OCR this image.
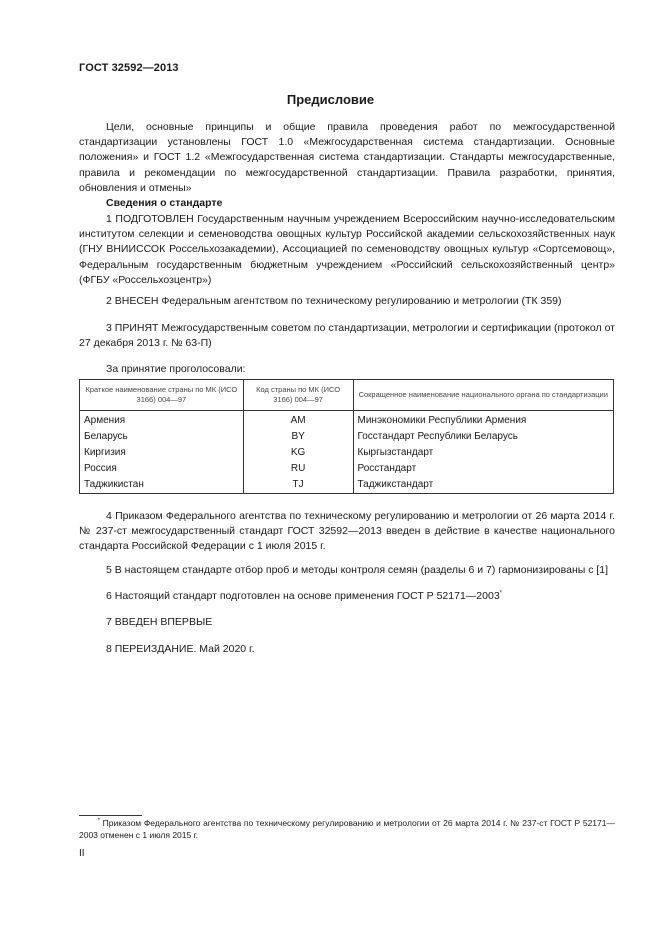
ГОСТ 32592—2013
Предисловие
Цели, основные принципы и общие правила проведения работ по межгосударственной стандартизации установлены ГОСТ 1.0 «Межгосударственная система стандартизации. Основные положения» и ГОСТ 1.2 «Межгосударственная система стандартизации. Стандарты межгосударственные, правила и рекомендации по межгосударственной стандартизации. Правила разработки, принятия, обновления и отмены»
Сведения о стандарте
1 ПОДГОТОВЛЕН Государственным научным учреждением Всероссийским научно-исследовательским институтом селекции и семеноводства овощных культур Российской академии сельскохозяйственных наук (ГНУ ВНИИССОК Россельхозакадемии), Ассоциацией по семеноводству овощных культур «Сортсемовощ», Федеральным государственным бюджетным учреждением «Российский сельскохозяйственный центр» (ФГБУ «Россельхозцентр»)
2 ВНЕСЕН Федеральным агентством по техническому регулированию и метрологии (ТК 359)
3 ПРИНЯТ Межгосударственным советом по стандартизации, метрологии и сертификации (протокол от 27 декабря 2013 г. № 63-П)
За принятие проголосовали:
Краткое наименование страны по МК (ИСО 3166) 004—97	Код страны по МК (ИСО 3166) 004—97	Сокращенное наименование национального органа по стандартизации
Армения	AM	Минэкономики Республики Армения
Беларусь	BY	Госстандарт Республики Беларусь
Киргизия	KG	Кыргызстандарт
Россия	RU	Росстандарт
Таджикистан	TJ	Таджикстандарт
4 Приказом Федерального агентства по техническому регулированию и метрологии от 26 марта 2014 г. № 237-ст межгосударственный стандарт ГОСТ 32592—2013 введен в действие в качестве национального стандарта Российской Федерации с 1 июля 2015 г.
5 В настоящем стандарте отбор проб и методы контроля семян (разделы 6 и 7) гармонизированы с [1]
6 Настоящий стандарт подготовлен на основе применения ГОСТ Р 52171—2003*
7 ВВЕДЕН ВПЕРВЫЕ
8 ПЕРЕИЗДАНИЕ. Май 2020 г.
* Приказом Федерального агентства по техническому регулированию и метрологии от 26 марта 2014 г. № 237-ст ГОСТ Р 52171—2003 отменен с 1 июля 2015 г.
II
